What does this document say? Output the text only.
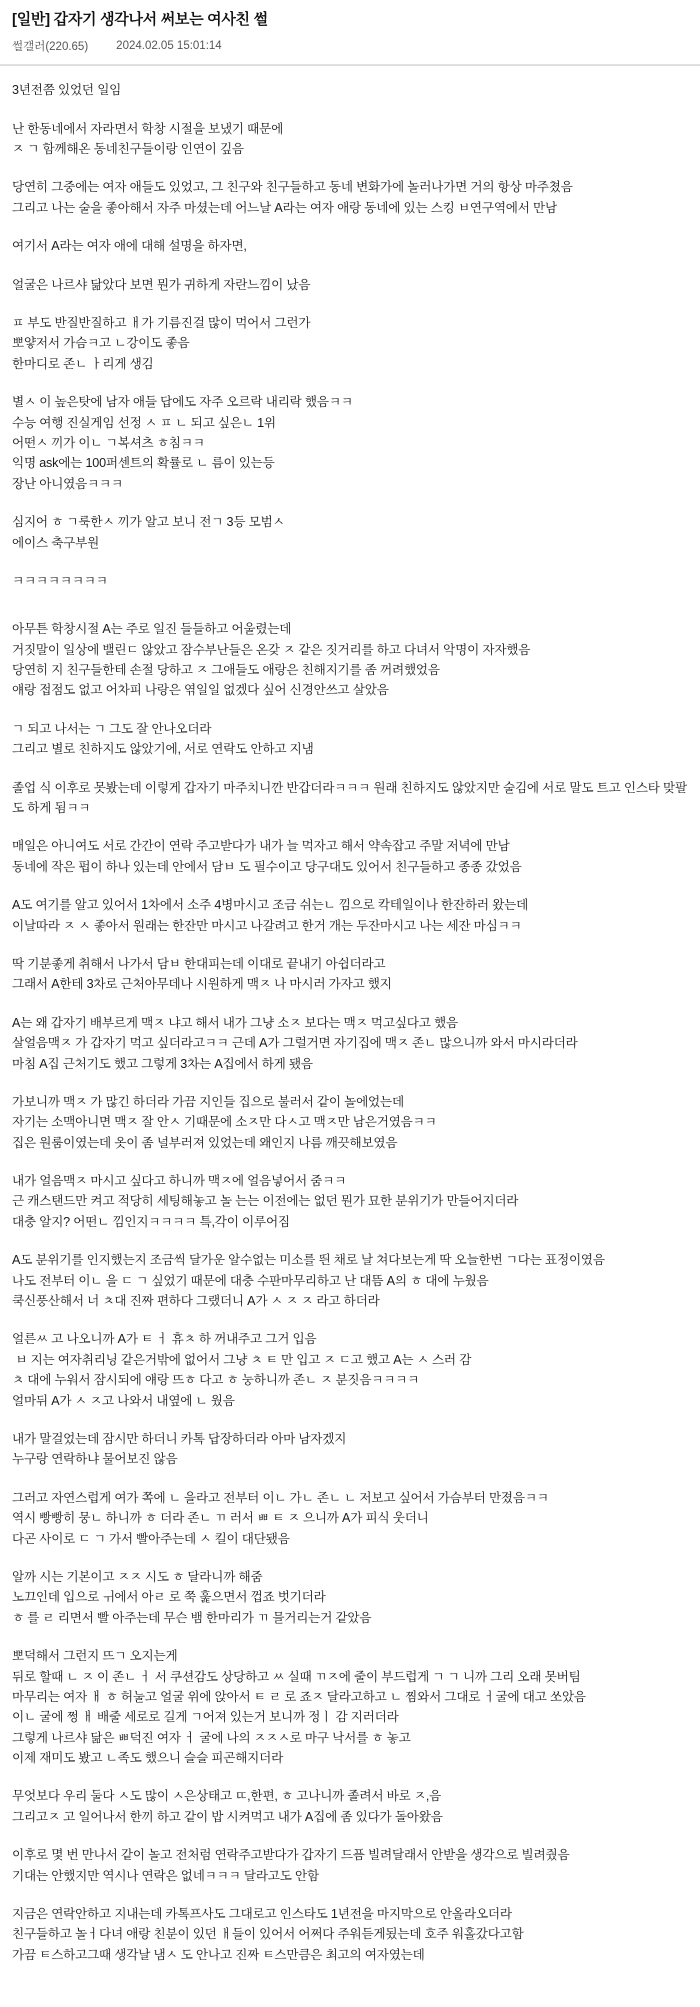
[일반] 갑자기 생각나서 써보는 여사친 썰
썰갤러(220.65) 2024.02.05 15:01:14

3년전쯤 있었던 일임

난 한동네에서 자라면서 학창 시절을 보냈기 때문에
ㅈ ㄱ 함께해온 동네친구들이랑 인연이 깊음

당연히 그중에는 여자 애들도 있었고, 그 친구와 친구들하고 동네 변화가에 놀러나가면 거의 항상 마주쳤음
그리고 나는 술을 좋아해서 자주 마셨는데 어느날 A라는 여자 애랑 동네에 있는 스킹 ㅂ연구역에서 만남

여기서 A라는 여자 애에 대해 설명을 하자면,

얼굴은 나르샤 닮았다 보면 뭔가 귀하게 자란느낌이 났음

ㅍ 부도 반질반질하고 ㅐ가 기름진걸 많이 먹어서 그런가
뽀얗저서 가슴ㅋ고 ㄴ강이도 좋음
한마디로 존ㄴ ㅏ리게 생김

별ㅅ 이 높은탓에 남자 애들 답에도 자주 오르락 내리락 했음ㅋㅋ
수능 여행 진실게임 선정 ㅅ ㅍ ㄴ 되고 싶은ㄴ 1위
어떤ㅅ 끼가 이ㄴ ㄱ복셔츠 ㅎ침ㅋㅋ
익명 ask에는 100퍼센트의 확률로 ㄴ 름이 있는등
장난 아니였음ㅋㅋㅋ

심지어 ㅎ ㄱ룩한ㅅ 끼가 알고 보니 전ㄱ 3등 모범ㅅ
에이스 축구부원

ㅋㅋㅋㅋㅋㅋㅋㅋ

아무튼 학창시절 A는 주로 일진 들들하고 어울렸는데
거짓말이 일상에 밸린ㄷ 않았고 잠수부난들은 온갖 ㅈ 같은 짓거리를 하고 다녀서 악명이 자자했음
당연히 지 친구들한테 손절 당하고 ㅈ 그애들도 애랑은 친해지기를 좀 꺼려했었음
얘랑 접점도 없고 어차피 나랑은 엮일일 없겠다 싶어 신경안쓰고 살았음

ㄱ 되고 나서는 ㄱ 그도 잘 안나오더라
그리고 별로 친하지도 않았기에, 서로 연락도 안하고 지냄

졸업 식 이후로 못봤는데 이렇게 갑자기 마주치니깐 반갑더라ㅋㅋㅋ 원래 친하지도 않았지만 술김에 서로 말도 트고 인스타 맞팔도 하게 됨ㅋㅋ

매일은 아니여도 서로 간간이 연락 주고받다가 내가 늘 먹자고 해서 약속잡고 주말 저녁에 만남
동네에 작은 펍이 하나 있는데 안에서 담ㅂ 도 필수이고 당구대도 있어서 친구들하고 종종 갔었음

A도 여기를 알고 있어서 1차에서 소주 4병마시고 조금 쉬는ㄴ 낌으로 칵테일이나 한잔하러 왔는데
이날따라 ㅈ ㅅ 좋아서 원래는 한잔만 마시고 나갈려고 한거 개는 두잔마시고 나는 세잔 마심ㅋㅋ

딱 기분좋게 취해서 나가서 담ㅂ 한대피는데 이대로 끝내기 아쉽더라고
그래서 A한테 3차로 근처아무데나 시원하게 맥ㅈ 나 마시러 가자고 했지

A는 왜 갑자기 배부르게 맥ㅈ 냐고 해서 내가 그냥 소ㅈ 보다는 맥ㅈ 먹고싶다고 했음
살얼음맥ㅈ 가 갑자기 먹고 싶더라고ㅋㅋ 근데 A가 그럴거면 자기집에 맥ㅈ 존ㄴ 많으니까 와서 마시라더라
마침 A집 근처기도 했고 그렇게 3차는 A집에서 하게 됐음

가보니까 맥ㅈ 가 많긴 하더라 가끔 지인들 집으로 불러서 같이 놀에었는데
자기는 소맥아니면 맥ㅈ 잘 안ㅅ 기때문에 소ㅈ만 다ㅅ고 맥ㅈ만 남은거였음ㅋㅋ
집은 원룸이였는데 옷이 좀 널부러져 있었는데 왜인지 나름 깨끗해보였음

내가 얼음맥ㅈ 마시고 싶다고 하니까 맥ㅈ에 얼음넣어서 줌ㅋㅋ
근 캐스탠드만 켜고 적당히 세팅해놓고 놀 는는 이전에는 없던 뭔가 묘한 분위기가 만들어지더라
대충 알지? 어떤ㄴ 낌인지ㅋㅋㅋㅋ 특,각이 이루어짐

A도 분위기를 인지했는지 조금씩 달가운 알수없는 미소를 띈 채로 날 쳐다보는게 딱 오늘한번 ㄱ다는 표정이였음
나도 전부터 이ㄴ 을 ㄷ ㄱ 싶었기 때문에 대충 수판마무리하고 난 대뜸 A의 ㅎ 대에 누웠음
쿡신풍산해서 너 ㅊ대 진짜 편하다 그랬더니 A가 ㅅ ㅈ ㅈ 라고 하더라

얼른ㅆ 고 나오니까 A가 ㅌ ㅓ 휴ㅊ 하 꺼내주고 그거 입음
ㅂ 지는 여자취리닝 같은거밖에 없어서 그냥 ㅊ ㅌ 만 입고 ㅈ ㄷ고 했고 A는 ㅅ 스러 감
ㅊ 대에 누워서 잠시되에 얘랑 뜨ㅎ 다고 ㅎ 눙하니까 존ㄴ ㅈ 분짓음ㅋㅋㅋㅋ
얼마뒤 A가 ㅅ ㅈ고 나와서 내옆에 ㄴ 웠음

내가 말걸었는데 잠시만 하더니 카톡 답장하더라 아마 남자겠지
누구랑 연락하냐 물어보진 않음

그러고 자연스럽게 여가 쪽에 ㄴ 을라고 전부터 이ㄴ 가ㄴ 존ㄴ ㄴ 저보고 싶어서 가슴부터 만졌음ㅋㅋ
역시 빵빵히 뭉ㄴ 하니까 ㅎ 더라 존ㄴ ㄲ 러서 ㅃ ㅌ ㅈ 으니까 A가 피식 웃더니
다곤 사이로 ㄷ ㄱ 가서 빨아주는데 ㅅ 킬이 대단됐음

알까 시는 기본이고 ㅈㅈ 시도 ㅎ 달라니까 해줌
노끄인데 입으로 ㅟ에서 아ㄹ 로 쭉 훑으면서 껍죠 벗기더라
ㅎ 를 ㄹ 리면서 빨 아주는데 무슨 뱀 한마리가 ㄲ 믈거리는거 같았음

뽀덕해서 그런지 뜨ㄱ 오지는게
뒤로 할때 ㄴ ㅈ 이 존ㄴ ㅓ 서 쿠션감도 상당하고 ㅆ 실때 ㄲㅈ에 줄이 부드럽게 ㄱ ㄱ 니까 그리 오래 못버팀
마무리는 여자 ㅐ ㅎ 허눌고 얼굴 위에 앉아서 ㅌ ㄹ 로 죠ㅈ 달라고하고 ㄴ 찜와서 그대로 ㅓ굴에 대고 쏘았음
이ㄴ 굴에 쩡 ㅐ 배줄 세로로 길게 ㄱ어져 있는거 보니까 정ㅣ 감 지러더라
그렇게 나르샤 닮은 ㅃ덕진 여자 ㅓ 굴에 나의 ㅈㅈㅅ로 마구 낙서를 ㅎ 놓고
이제 재미도 봤고 ㄴ족도 했으니 슬슬 피곤해지더라

무엇보다 우리 둘다 ㅅ도 많이 ㅅ은상태고 ㄸ,한편, ㅎ 고나니까 졸려서 바로 ㅈ,음
그리고ㅈ 고 일어나서 한끼 하고 같이 밥 시켜먹고 내가 A집에 좀 있다가 돌아왔음

이후로 몇 번 만나서 같이 놀고 전처럼 연락주고받다가 갑자기 드픔 빌려달래서 안받을 생각으로 빌려줬음
기대는 안했지만 역시나 연락은 없네ㅋㅋㅋ 달라고도 안함

지금은 연락안하고 지내는데 카톡프사도 그대로고 인스타도 1년전을 마지막으로 안올라오더라
친구들하고 놀ㅓ다녀 애랑 친분이 있던 ㅐ들이 있어서 어쩌다 주워듣게됬는데 호주 워홀갔다고함
가끔 ㅌ스하고그때 생각날 냄ㅅ 도 안나고 진짜 ㅌ스만큼은 최고의 여자였는데
